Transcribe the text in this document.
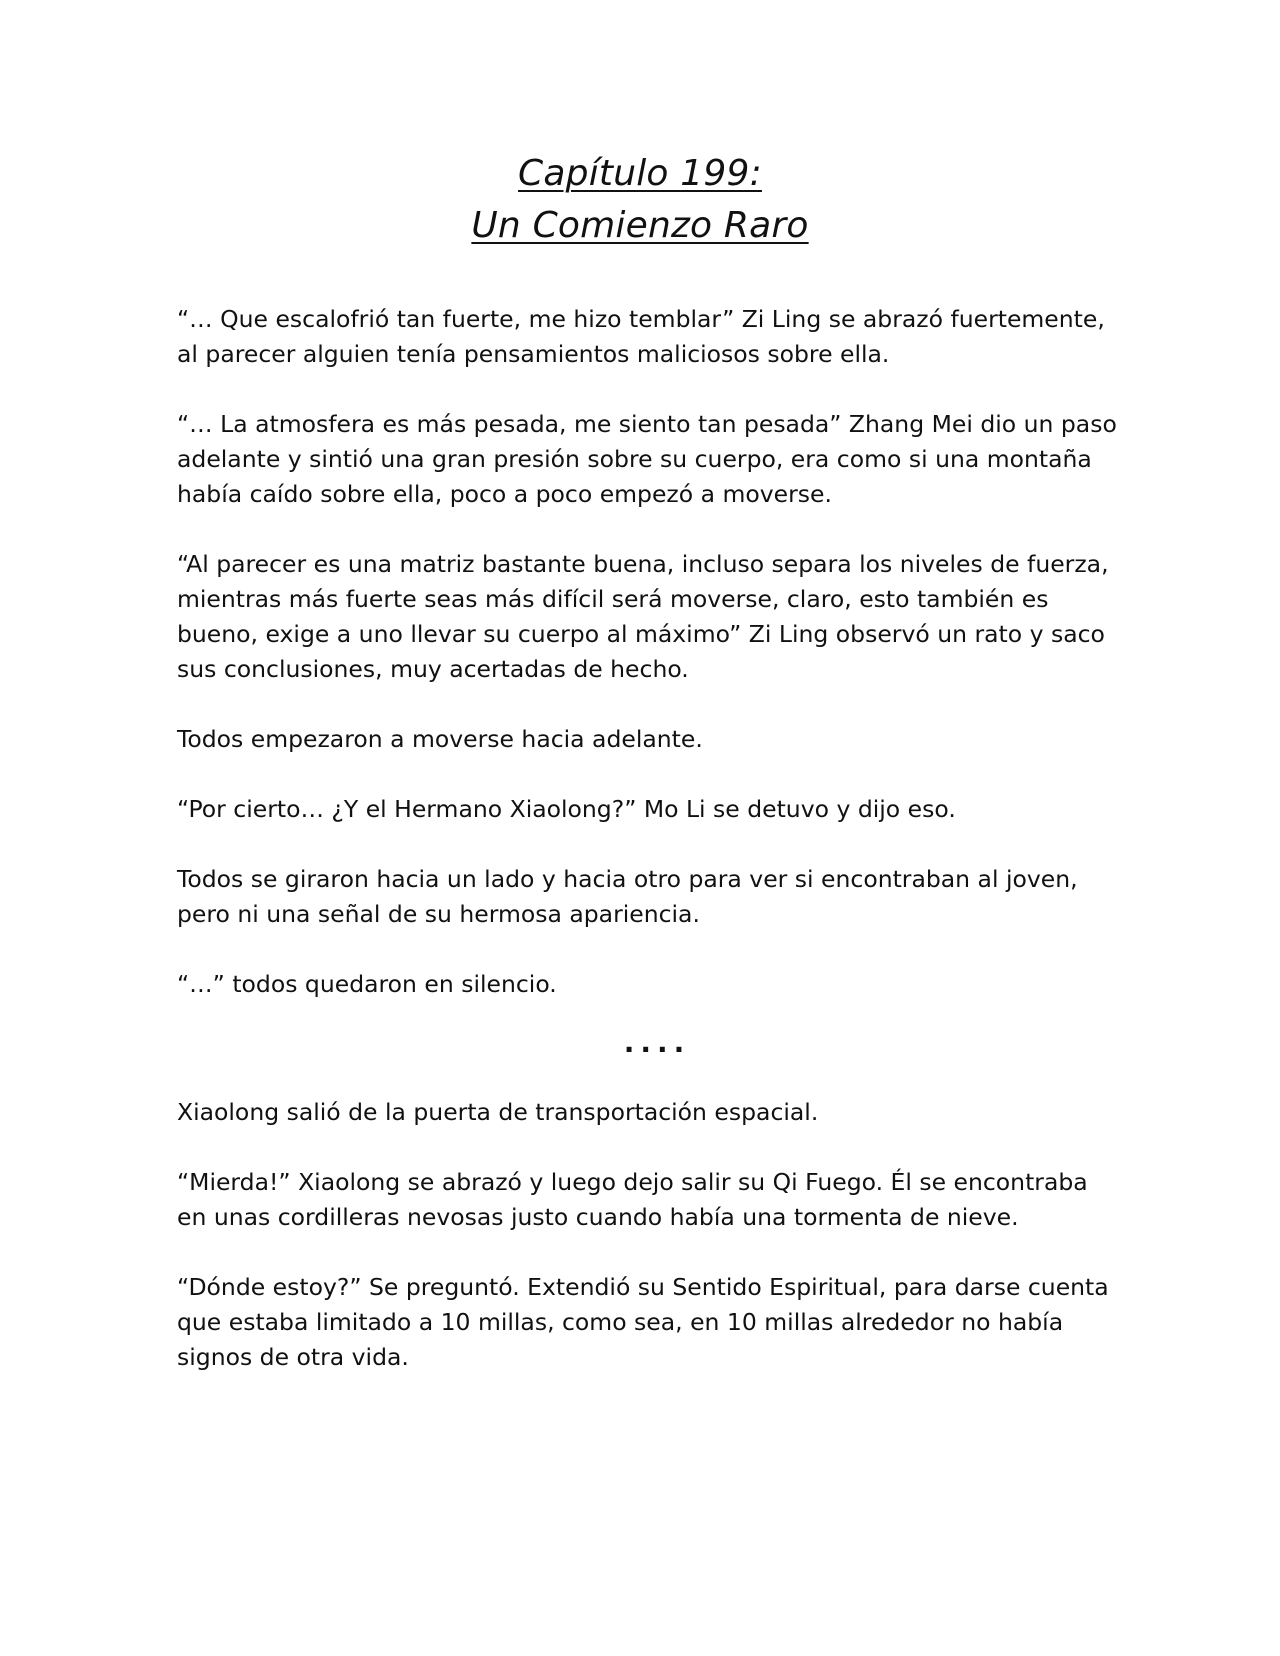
Capítulo 199:
Un Comienzo Raro

“… Que escalofrió tan fuerte, me hizo temblar” Zi Ling se abrazó fuertemente, al parecer alguien tenía pensamientos maliciosos sobre ella.

“… La atmosfera es más pesada, me siento tan pesada” Zhang Mei dio un paso adelante y sintió una gran presión sobre su cuerpo, era como si una montaña había caído sobre ella, poco a poco empezó a moverse.

“Al parecer es una matriz bastante buena, incluso separa los niveles de fuerza, mientras más fuerte seas más difícil será moverse, claro, esto también es bueno, exige a uno llevar su cuerpo al máximo” Zi Ling observó un rato y saco sus conclusiones, muy acertadas de hecho.

Todos empezaron a moverse hacia adelante.

“Por cierto… ¿Y el Hermano Xiaolong?” Mo Li se detuvo y dijo eso.

Todos se giraron hacia un lado y hacia otro para ver si encontraban al joven, pero ni una señal de su hermosa apariencia.

“…” todos quedaron en silencio.

....

Xiaolong salió de la puerta de transportación espacial.

“Mierda!” Xiaolong se abrazó y luego dejo salir su Qi Fuego. Él se encontraba en unas cordilleras nevosas justo cuando había una tormenta de nieve.

“Dónde estoy?” Se preguntó. Extendió su Sentido Espiritual, para darse cuenta que estaba limitado a 10 millas, como sea, en 10 millas alrededor no había signos de otra vida.
